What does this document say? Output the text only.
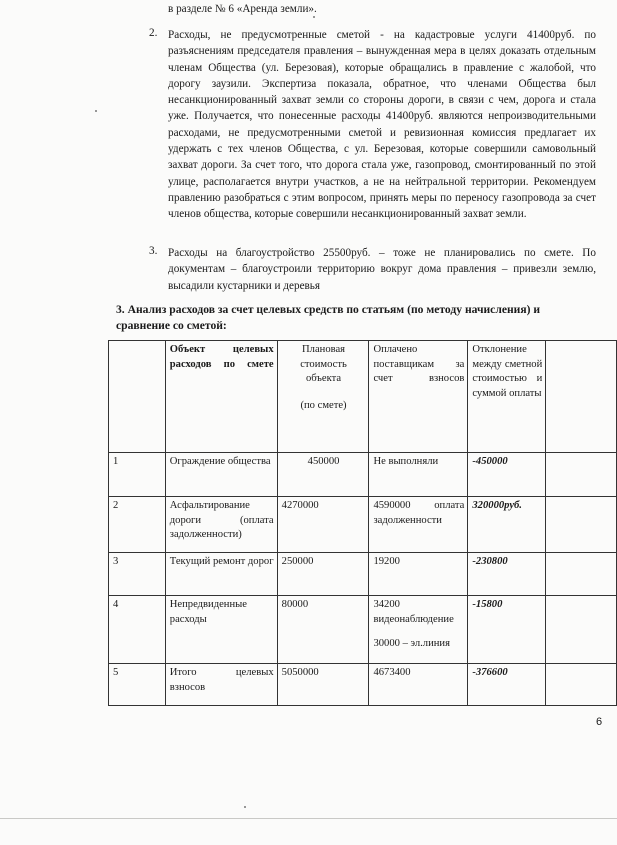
в разделе № 6 «Аренда земли».
2. Расходы, не предусмотренные сметой - на кадастровые услуги 41400руб. по разъяснениям председателя правления – вынужденная мера в целях доказать отдельным членам Общества (ул. Березовая), которые обращались в правление с жалобой, что дорогу заузили. Экспертиза показала, обратное, что членами Общества был несанкционированный захват земли со стороны дороги, в связи с чем, дорога и стала уже. Получается, что понесенные расходы 41400руб. являются непроизводительными расходами, не предусмотренными сметой и ревизионная комиссия предлагает их удержать с тех членов Общества, с ул. Березовая, которые совершили самовольный захват дороги. За счет того, что дорога стала уже, газопровод, смонтированный по этой улице, располагается внутри участков, а не на нейтральной территории. Рекомендуем правлению разобраться с этим вопросом, принять меры по переносу газопровода за счет членов общества, которые совершили несанкционированный захват земли.
3. Расходы на благоустройство 25500руб. – тоже не планировались по смете. По документам – благоустроили территорию вокруг дома правления – привезли землю, высадили кустарники и деревья
3. Анализ расходов за счет целевых средств по статьям (по методу начисления) и сравнение со сметой:
	Объект целевых расходов по смете	Плановая стоимость объекта
(по смете)	Оплачено поставщикам за счет взносов	Отклонение между сметной стоимостью и суммой оплаты	
1	Ограждение общества	450000	Не выполняли	-450000	
2	Асфальтирование дороги (оплата задолженности)	4270000	4590000 оплата задолженности	320000руб.	
3	Текущий ремонт дорог	250000	19200	-230800	
4	Непредвиденные расходы	80000	34200 видеонаблюдение
30000 – эл.линия	-15800	
5	Итого целевых взносов	5050000	4673400	-376600	
6
